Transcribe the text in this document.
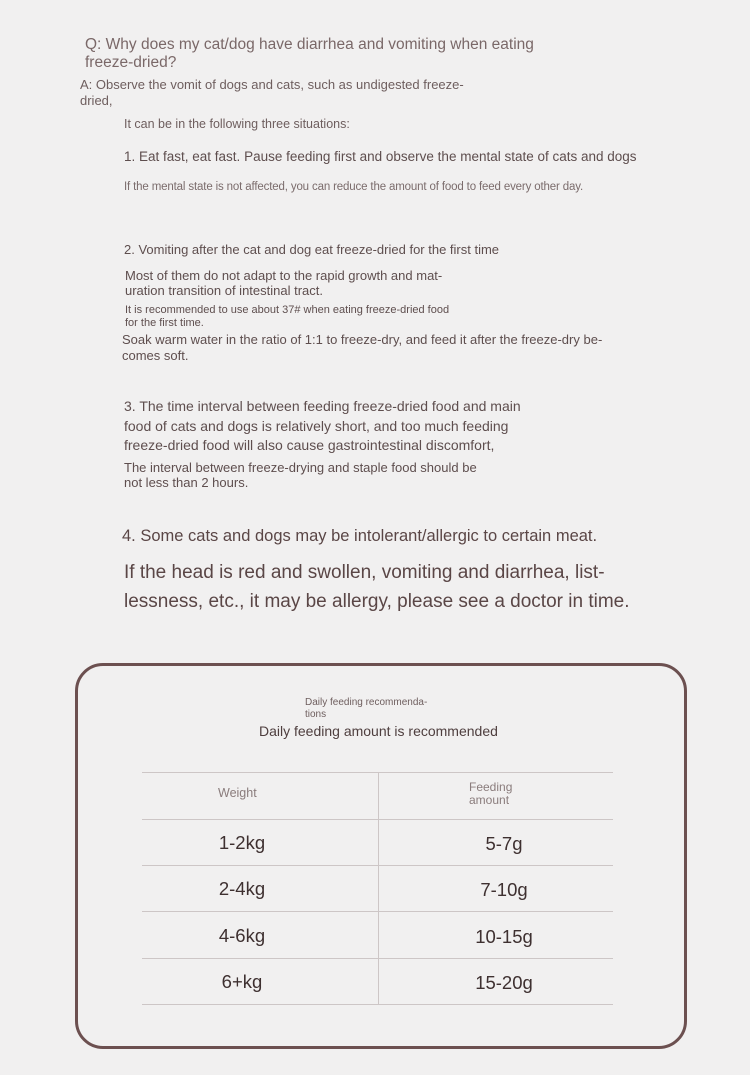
Q: Why does my cat/dog have diarrhea and vomiting when eating
freeze-dried?
A: Observe the vomit of dogs and cats, such as undigested freeze-
dried,
It can be in the following three situations:
1. Eat fast, eat fast. Pause feeding first and observe the mental state of cats and dogs
If the mental state is not affected, you can reduce the amount of food to feed every other day.
2. Vomiting after the cat and dog eat freeze-dried for the first time
Most of them do not adapt to the rapid growth and mat-
uration transition of intestinal tract.
It is recommended to use about 37# when eating freeze-dried food
for the first time.
Soak warm water in the ratio of 1:1 to freeze-dry, and feed it after the freeze-dry be-
comes soft.
3. The time interval between feeding freeze-dried food and main
food of cats and dogs is relatively short, and too much feeding
freeze-dried food will also cause gastrointestinal discomfort,
The interval between freeze-drying and staple food should be
not less than 2 hours.
4. Some cats and dogs may be intolerant/allergic to certain meat.
If the head is red and swollen, vomiting and diarrhea, list-
lessness, etc., it may be allergy, please see a doctor in time.
Daily feeding recommenda-
tions
Daily feeding amount is recommended
Weight	Feeding
amount
1-2kg	5-7g
2-4kg	7-10g
4-6kg	10-15g
6+kg	15-20g
